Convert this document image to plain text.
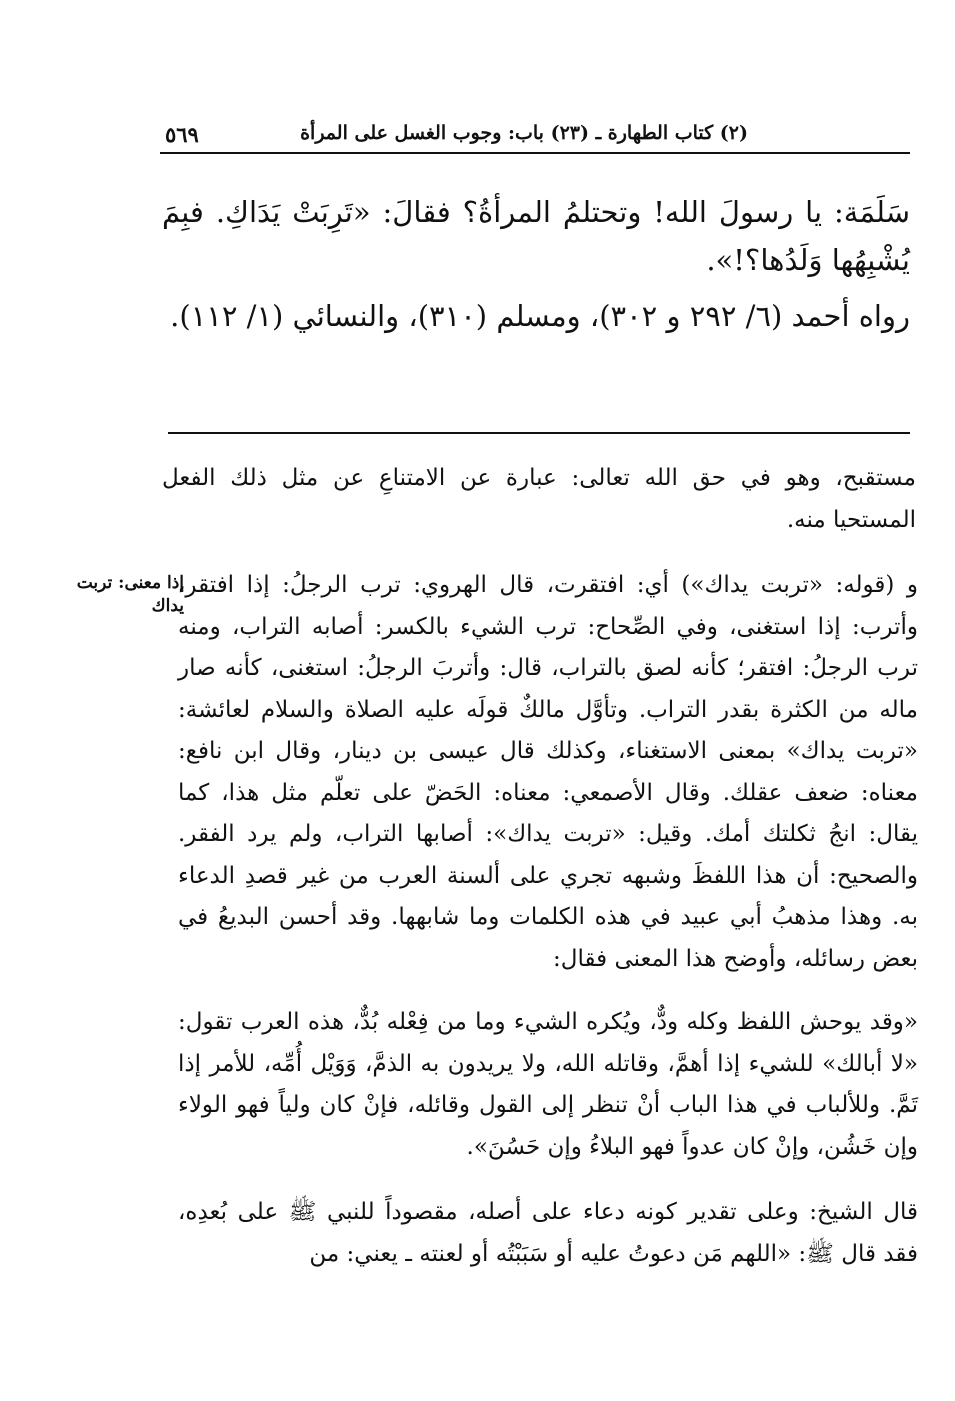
(٢) كتاب الطهارة ـ (٢٣) باب: وجوب الغسل على المرأة
٥٦٩

سَلَمَة: يا رسولَ الله! وتحتلمُ المرأةُ؟ فقالَ: «تَرِبَتْ يَدَاكِ. فبِمَ يُشْبِهُها وَلَدُها؟!».

رواه أحمد (٦/ ٢٩٢ و ٣٠٢)، ومسلم (٣١٠)، والنسائي (١/ ١١٢).

مستقبح، وهو في حق الله تعالى: عبارة عن الامتناعِ عن مثل ذلك الفعل المستحيا منه.

إذا معنى: تربت يداك

و (قوله: «تربت يداك») أي: افتقرت، قال الهروي: ترب الرجلُ: إذا افتقر، وأترب: إذا استغنى، وفي الصِّحاح: ترب الشيء بالكسر: أصابه التراب، ومنه ترب الرجلُ: افتقر؛ كأنه لصق بالتراب، قال: وأتربَ الرجلُ: استغنى، كأنه صار ماله من الكثرة بقدر التراب. وتأوَّل مالكٌ قولَه عليه الصلاة والسلام لعائشة: «تربت يداك» بمعنى الاستغناء، وكذلك قال عيسى بن دينار، وقال ابن نافع: معناه: ضعف عقلك. وقال الأصمعي: معناه: الحَضّ على تعلّم مثل هذا، كما يقال: انجُ ثكلتك أمك. وقيل: «تربت يداك»: أصابها التراب، ولم يرد الفقر. والصحيح: أن هذا اللفظَ وشبهه تجري على ألسنة العرب من غير قصدِ الدعاء به. وهذا مذهبُ أبي عبيد في هذه الكلمات وما شابهها. وقد أحسن البديعُ في بعض رسائله، وأوضح هذا المعنى فقال:

«وقد يوحش اللفظ وكله ودٌّ، ويُكره الشيء وما من فِعْله بُدٌّ، هذه العرب تقول: «لا أبالك» للشيء إذا أهمَّ، وقاتله الله، ولا يريدون به الذمَّ، وَوَيْل أُمِّه، للأمر إذا تَمَّ. وللألباب في هذا الباب أنْ تنظر إلى القول وقائله، فإنْ كان ولياً فهو الولاء وإن خَشُن، وإنْ كان عدواً فهو البلاءُ وإن حَسُنَ».

قال الشيخ: وعلى تقدير كونه دعاء على أصله، مقصوداً للنبي ﷺ على بُعدِه، فقد قال ﷺ: «اللهم مَن دعوتُ عليه أو سَبَبْتُه أو لعنته ـ يعني: من
